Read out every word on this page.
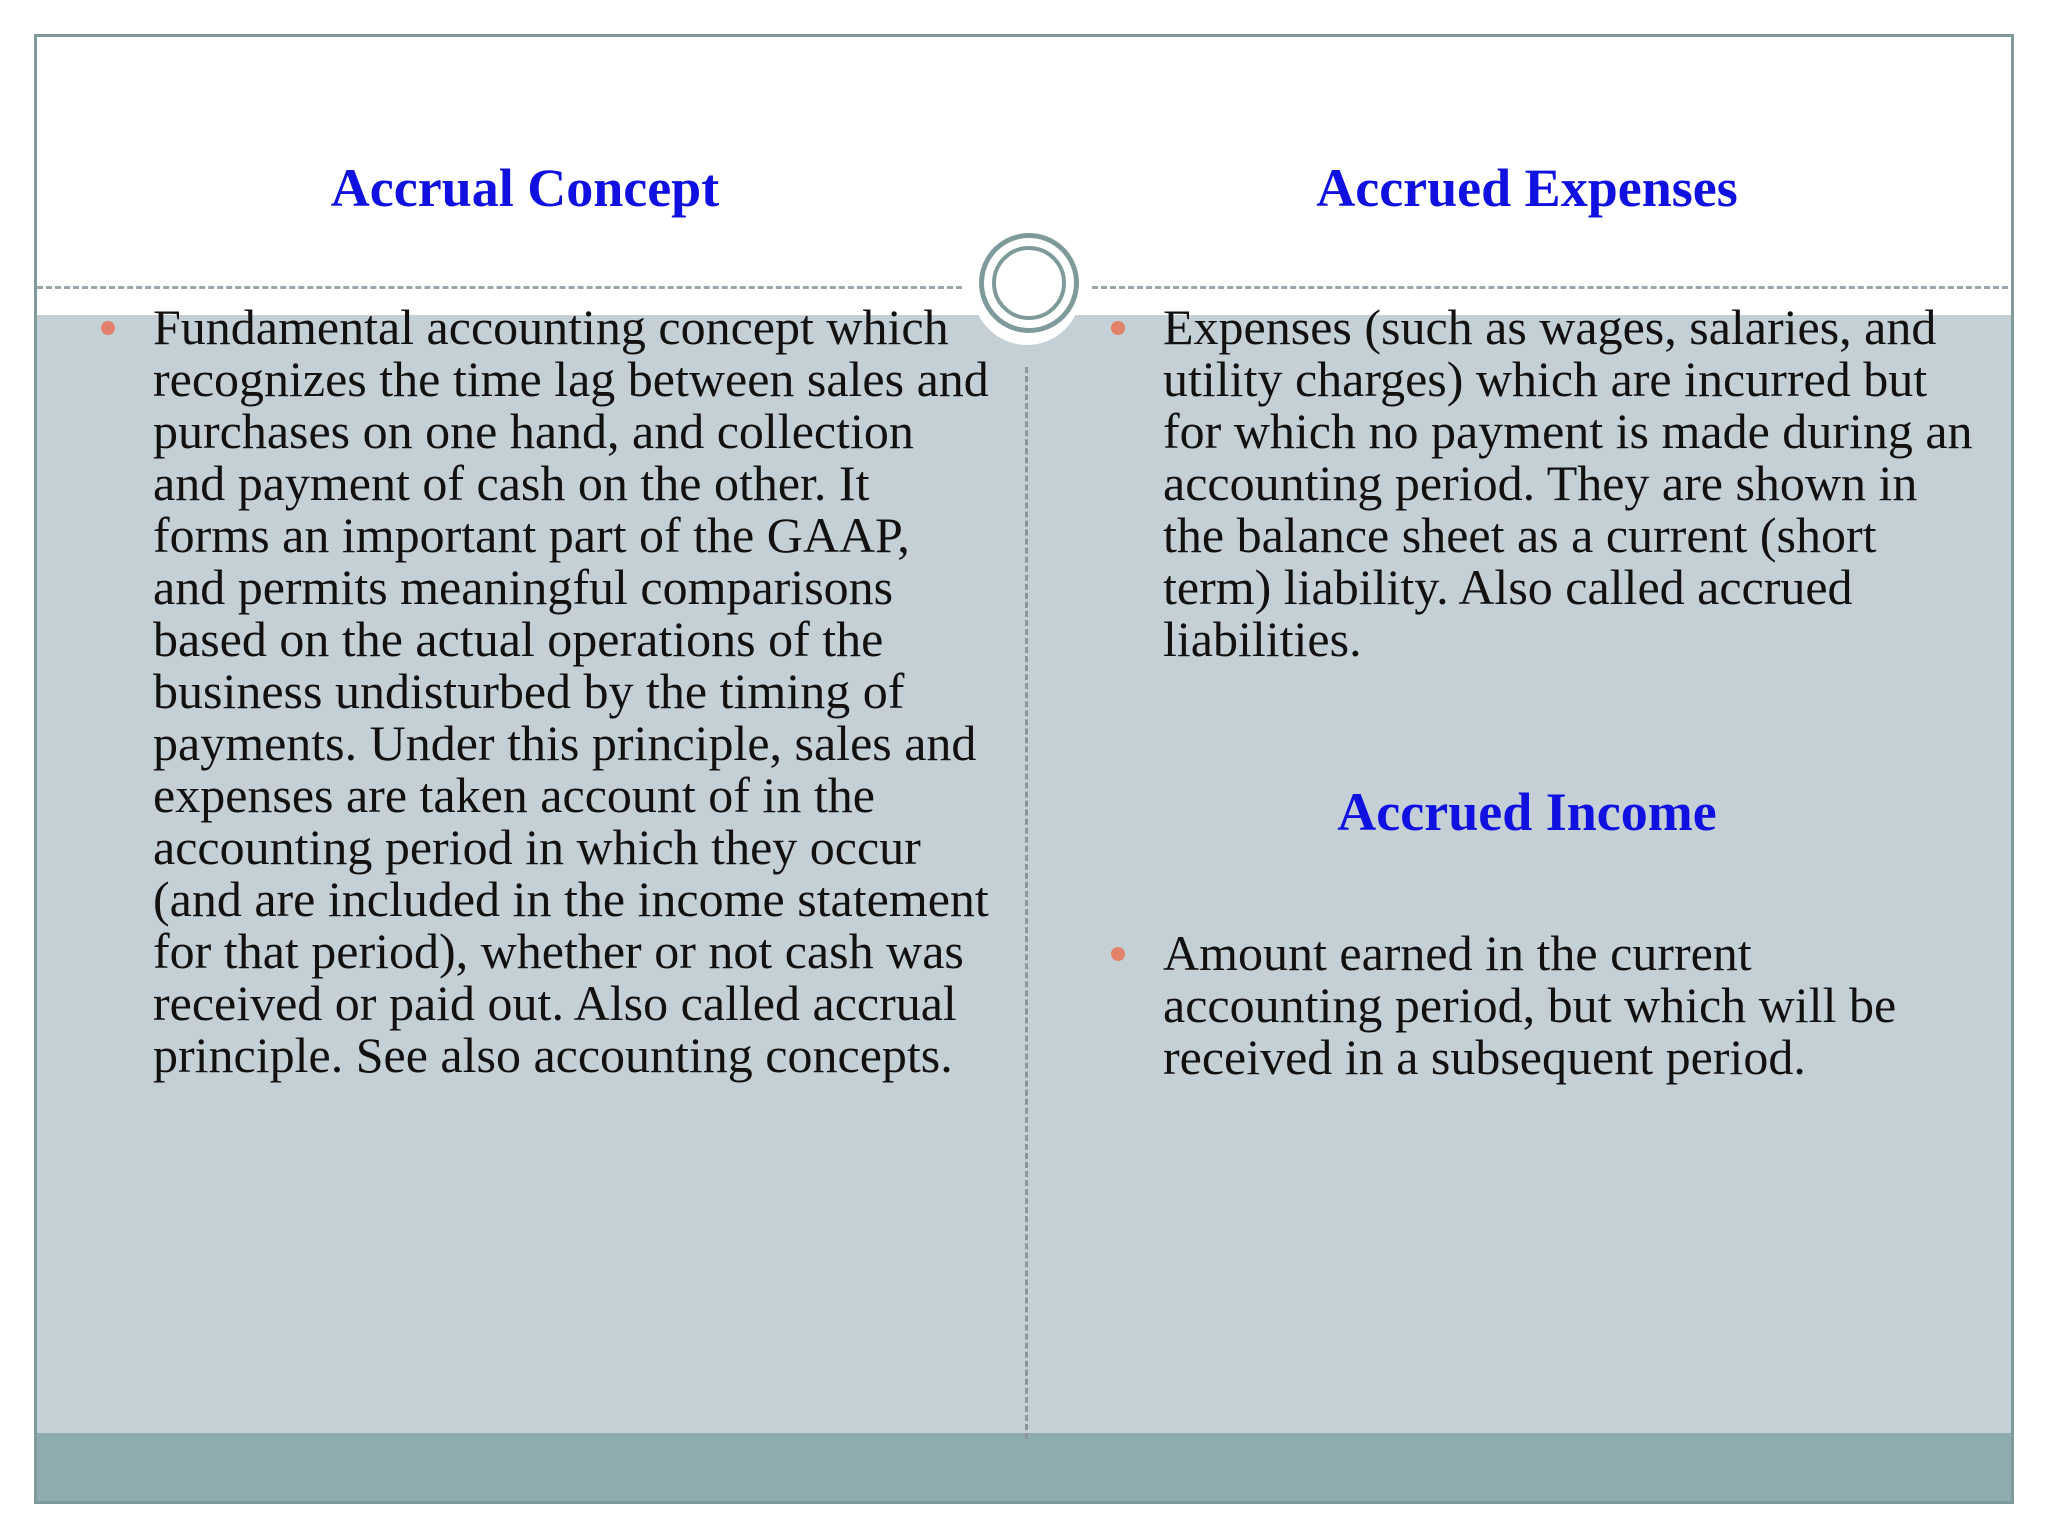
Accrual Concept	Accrued Expenses
Fundamental accounting concept which recognizes the time lag between sales and purchases on one hand, and collection and payment of cash on the other. It forms an important part of the GAAP, and permits meaningful comparisons based on the actual operations of the business undisturbed by the timing of payments. Under this principle, sales and expenses are taken account of in the accounting period in which they occur (and are included in the income statement for that period), whether or not cash was received or paid out. Also called accrual principle. See also accounting concepts.
Expenses (such as wages, salaries, and utility charges) which are incurred but for which no payment is made during an accounting period. They are shown in the balance sheet as a current (short term) liability. Also called accrued liabilities.
Accrued Income
Amount earned in the current accounting period, but which will be received in a subsequent period.
